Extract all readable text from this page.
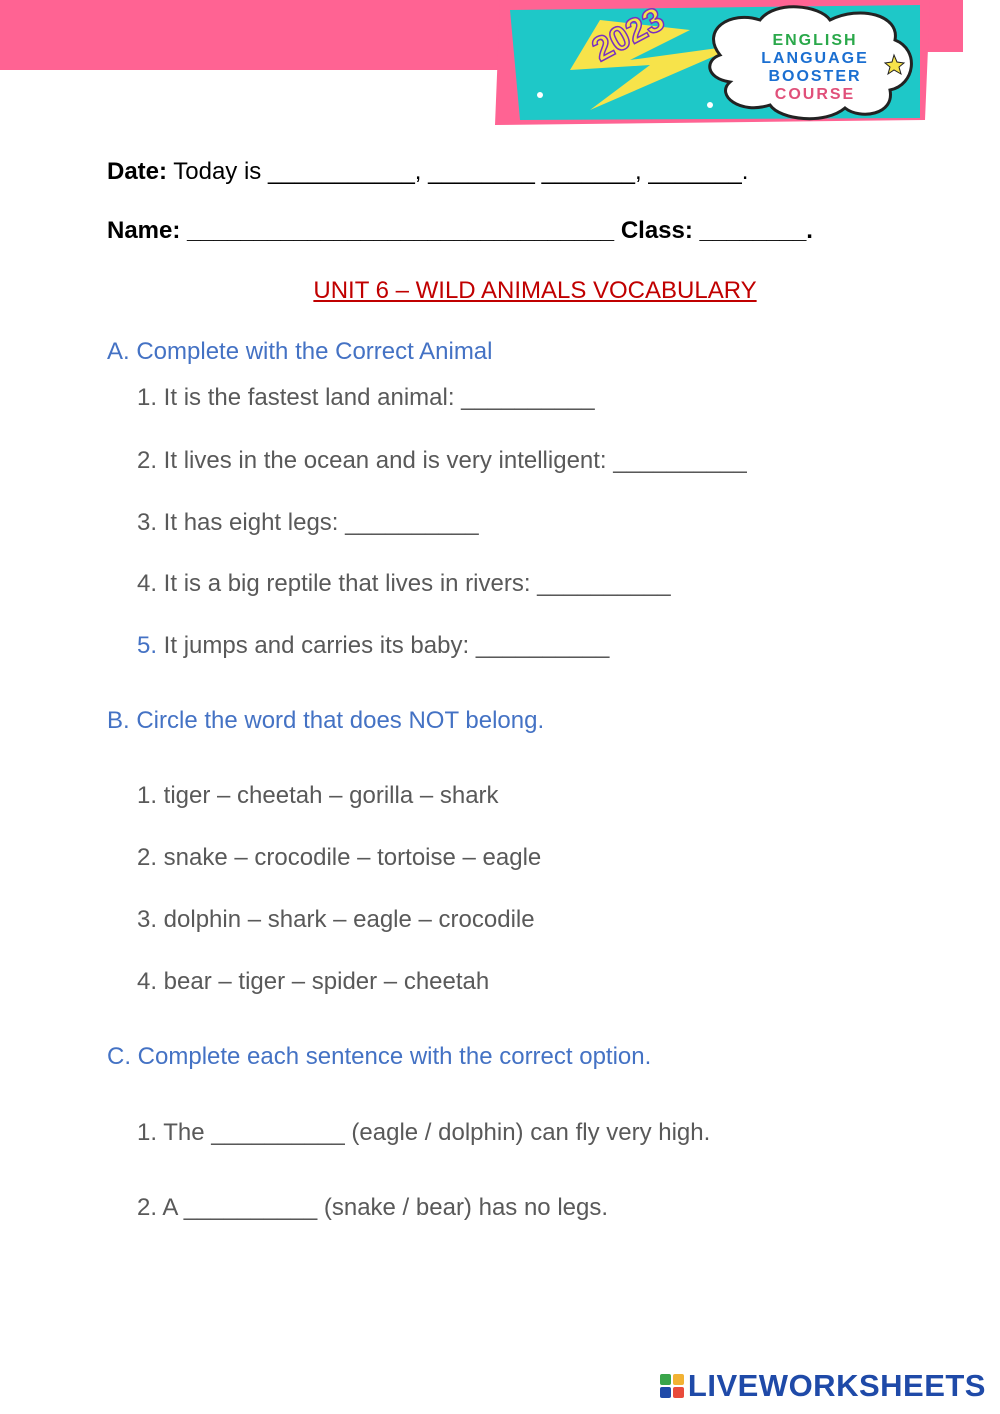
2023	ENGLISH
LANGUAGE
BOOSTER
COURSE
Date: Today is ___________, ________ _______, _______.
Name: ________________________________ Class: ________.
UNIT 6 – WILD ANIMALS VOCABULARY
A. Complete with the Correct Animal
1. It is the fastest land animal: __________
2. It lives in the ocean and is very intelligent: __________
3. It has eight legs: __________
4. It is a big reptile that lives in rivers: __________
5. It jumps and carries its baby: __________
B. Circle the word that does NOT belong.
1. tiger – cheetah – gorilla – shark
2. snake – crocodile – tortoise – eagle
3. dolphin – shark – eagle – crocodile
4. bear – tiger – spider – cheetah
C. Complete each sentence with the correct option.
1. The __________ (eagle / dolphin) can fly very high.
2. A __________ (snake / bear) has no legs.
LIVEWORKSHEETS
